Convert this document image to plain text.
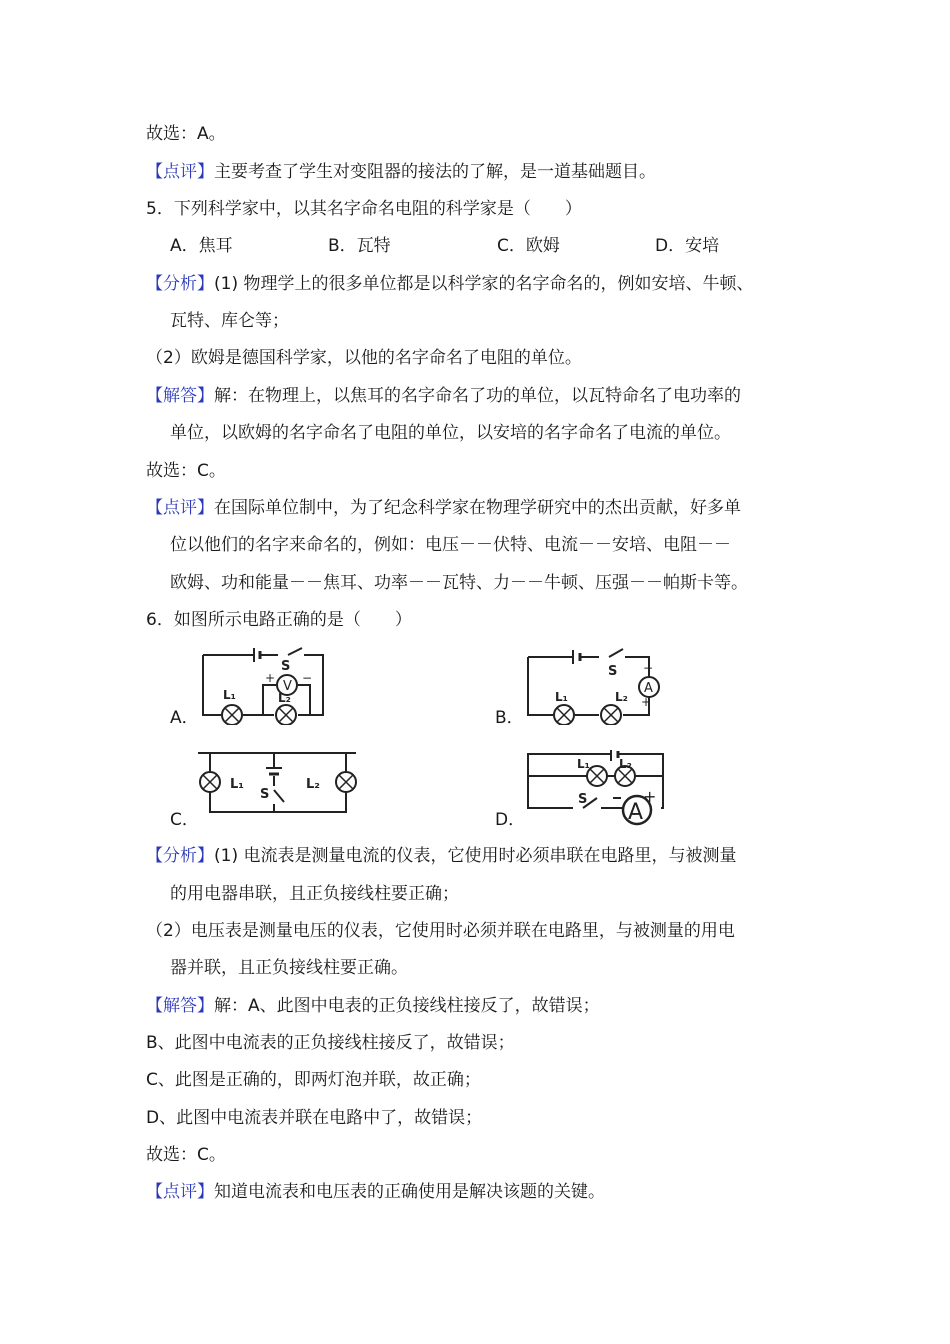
故选：A。
【点评】主要考查了学生对变阻器的接法的了解，是一道基础题目。
5．下列科学家中，以其名字命名电阻的科学家是（　　）
A．焦耳	B．瓦特	C．欧姆	D．安培
【分析】(1) 物理学上的很多单位都是以科学家的名字命名的，例如安培、牛顿、
瓦特、库仑等；
（2）欧姆是德国科学家，以他的名字命名了电阻的单位。
【解答】解：在物理上，以焦耳的名字命名了功的单位，以瓦特命名了电功率的
单位，以欧姆的名字命名了电阻的单位，以安培的名字命名了电流的单位。
故选：C。
【点评】在国际单位制中，为了纪念科学家在物理学研究中的杰出贡献，好多单
位以他们的名字来命名的，例如：电压－－伏特、电流－－安培、电阻－－
欧姆、功和能量－－焦耳、功率－－瓦特、力－－牛顿、压强－－帕斯卡等。
6．如图所示电路正确的是（　　）
A．
V
+ −
S
L₁	L₂
B．
A
−
+
S
L₁	L₂
C．
S
L₁	L₂
D．	A
+
S
L₁ L₂
【分析】(1) 电流表是测量电流的仪表，它使用时必须串联在电路里，与被测量
的用电器串联，且正负接线柱要正确；
（2）电压表是测量电压的仪表，它使用时必须并联在电路里，与被测量的用电
器并联，且正负接线柱要正确。
【解答】解：A、此图中电表的正负接线柱接反了，故错误；
B、此图中电流表的正负接线柱接反了，故错误；
C、此图是正确的，即两灯泡并联，故正确；
D、此图中电流表并联在电路中了，故错误；
故选：C。
【点评】知道电流表和电压表的正确使用是解决该题的关键。
